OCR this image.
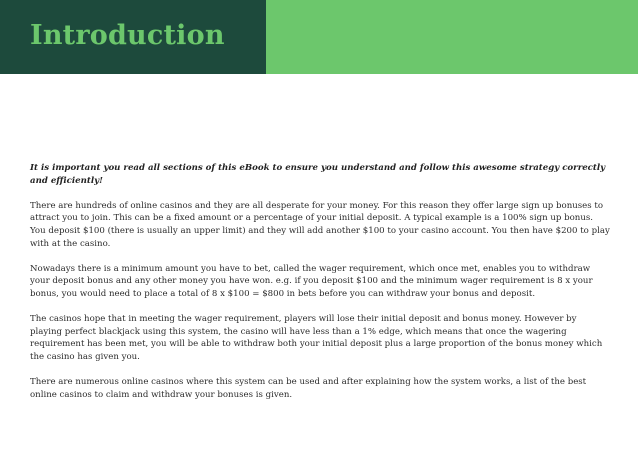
Introduction

It is important you read all sections of this eBook to ensure you understand and follow this awesome strategy correctly and efficiently!

There are hundreds of online casinos and they are all desperate for your money. For this reason they offer large sign up bonuses to attract you to join. This can be a fixed amount or a percentage of your initial deposit. A typical example is a 100% sign up bonus. You deposit $100 (there is usually an upper limit) and they will add another $100 to your casino account. You then have $200 to play with at the casino.

Nowadays there is a minimum amount you have to bet, called the wager requirement, which once met, enables you to withdraw your deposit bonus and any other money you have won. e.g. if you deposit $100 and the minimum wager requirement is 8 x your bonus, you would need to place a total of 8 x $100 = $800 in bets before you can withdraw your bonus and deposit.

The casinos hope that in meeting the wager requirement, players will lose their initial deposit and bonus money. However by playing perfect blackjack using this system, the casino will have less than a 1% edge, which means that once the wagering requirement has been met, you will be able to withdraw both your initial deposit plus a large proportion of the bonus money which the casino has given you.

There are numerous online casinos where this system can be used and after explaining how the system works, a list of the best online casinos to claim and withdraw your bonuses is given.
